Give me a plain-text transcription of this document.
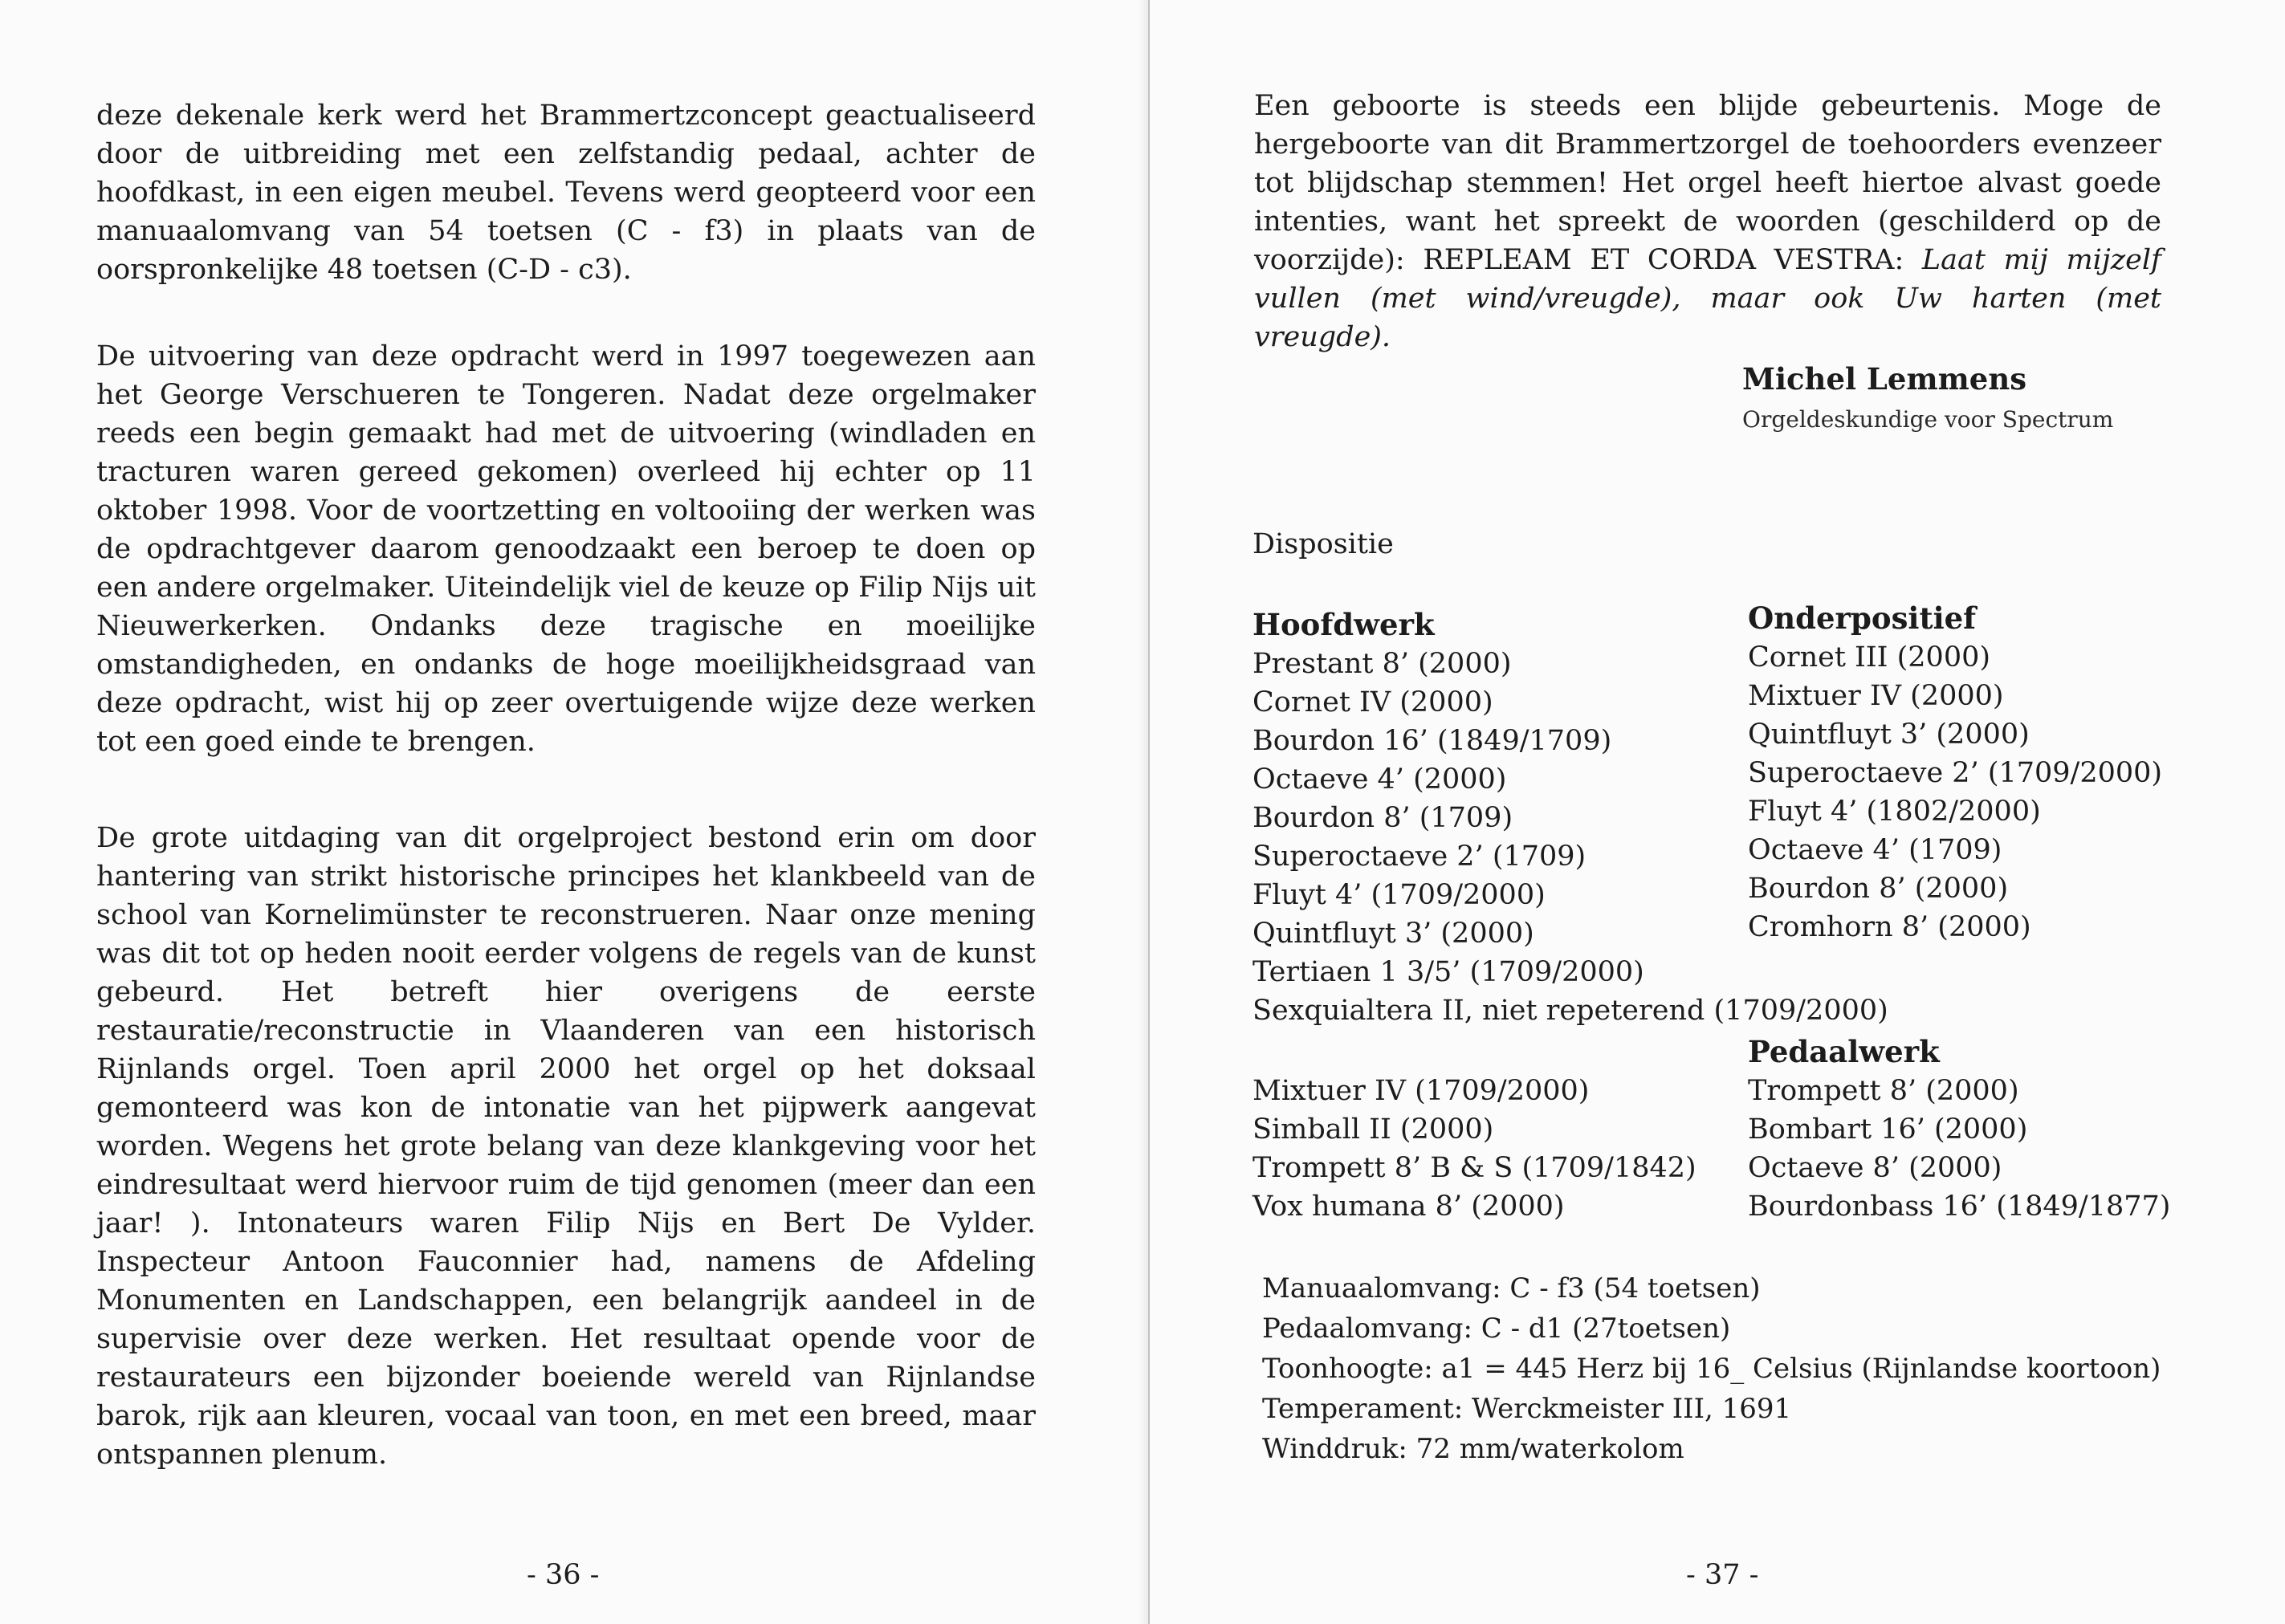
deze dekenale kerk werd het Brammertzconcept geactualiseerd door de uitbreiding met een zelfstandig pedaal, achter de hoofdkast, in een eigen meubel. Tevens werd geopteerd voor een manuaalomvang van 54 toetsen (C - f3) in plaats van de oorspronkelijke 48 toetsen (C-D - c3).

De uitvoering van deze opdracht werd in 1997 toegewezen aan het George Verschueren te Tongeren. Nadat deze orgelmaker reeds een begin gemaakt had met de uitvoering (windladen en tracturen waren gereed gekomen) overleed hij echter op 11 oktober 1998. Voor de voortzetting en voltooiing der werken was de opdrachtgever daarom genoodzaakt een beroep te doen op een andere orgelmaker. Uiteindelijk viel de keuze op Filip Nijs uit Nieuwerkerken. Ondanks deze tragische en moeilijke omstandigheden, en ondanks de hoge moeilijkheidsgraad van deze opdracht, wist hij op zeer overtuigende wijze deze werken tot een goed einde te brengen.

De grote uitdaging van dit orgelproject bestond erin om door hantering van strikt historische principes het klankbeeld van de school van Kornelimünster te reconstrueren. Naar onze mening was dit tot op heden nooit eerder volgens de regels van de kunst gebeurd. Het betreft hier overigens de eerste restauratie/reconstructie in Vlaanderen van een historisch Rijnlands orgel. Toen april 2000 het orgel op het doksaal gemonteerd was kon de intonatie van het pijpwerk aangevat worden. Wegens het grote belang van deze klankgeving voor het eindresultaat werd hiervoor ruim de tijd genomen (meer dan een jaar! ). Intonateurs waren Filip Nijs en Bert De Vylder. Inspecteur Antoon Fauconnier had, namens de Afdeling Monumenten en Landschappen, een belangrijk aandeel in de supervisie over deze werken. Het resultaat opende voor de restaurateurs een bijzonder boeiende wereld van Rijnlandse barok, rijk aan kleuren, vocaal van toon, en met een breed, maar ontspannen plenum.

- 36 -

Een geboorte is steeds een blijde gebeurtenis. Moge de hergeboorte van dit Brammertzorgel de toehoorders evenzeer tot blijdschap stemmen! Het orgel heeft hiertoe alvast goede intenties, want het spreekt de woorden (geschilderd op de voorzijde): REPLEAM ET CORDA VESTRA: Laat mij mijzelf vullen (met wind/vreugde), maar ook Uw harten (met vreugde).

Michel Lemmens
Orgeldeskundige voor Spectrum
Dispositie
Hoofdwerk
Prestant 8’ (2000)
Cornet IV (2000)
Bourdon 16’ (1849/1709)
Octaeve 4’ (2000)
Bourdon 8’ (1709)
Superoctaeve 2’ (1709)
Fluyt 4’ (1709/2000)
Quintfluyt 3’ (2000)
Tertiaen 1 3/5’ (1709/2000)
Sexquialtera II, niet repeterend (1709/2000)
Onderpositief
Cornet III (2000)
Mixtuer IV (2000)
Quintfluyt 3’ (2000)
Superoctaeve 2’ (1709/2000)
Fluyt 4’ (1802/2000)
Octaeve 4’ (1709)
Bourdon 8’ (2000)
Cromhorn 8’ (2000)
Mixtuer IV (1709/2000)
Simball II (2000)
Trompett 8’ B & S (1709/1842)
Vox humana 8’ (2000)
Pedaalwerk
Trompett 8’ (2000)
Bombart 16’ (2000)
Octaeve 8’ (2000)
Bourdonbass 16’ (1849/1877)
Manuaalomvang: C - f3 (54 toetsen)
Pedaalomvang: C - d1 (27toetsen)
Toonhoogte: a1 = 445 Herz bij 16_ Celsius (Rijnlandse koortoon)
Temperament: Werckmeister III, 1691
Winddruk: 72 mm/waterkolom
- 37 -
